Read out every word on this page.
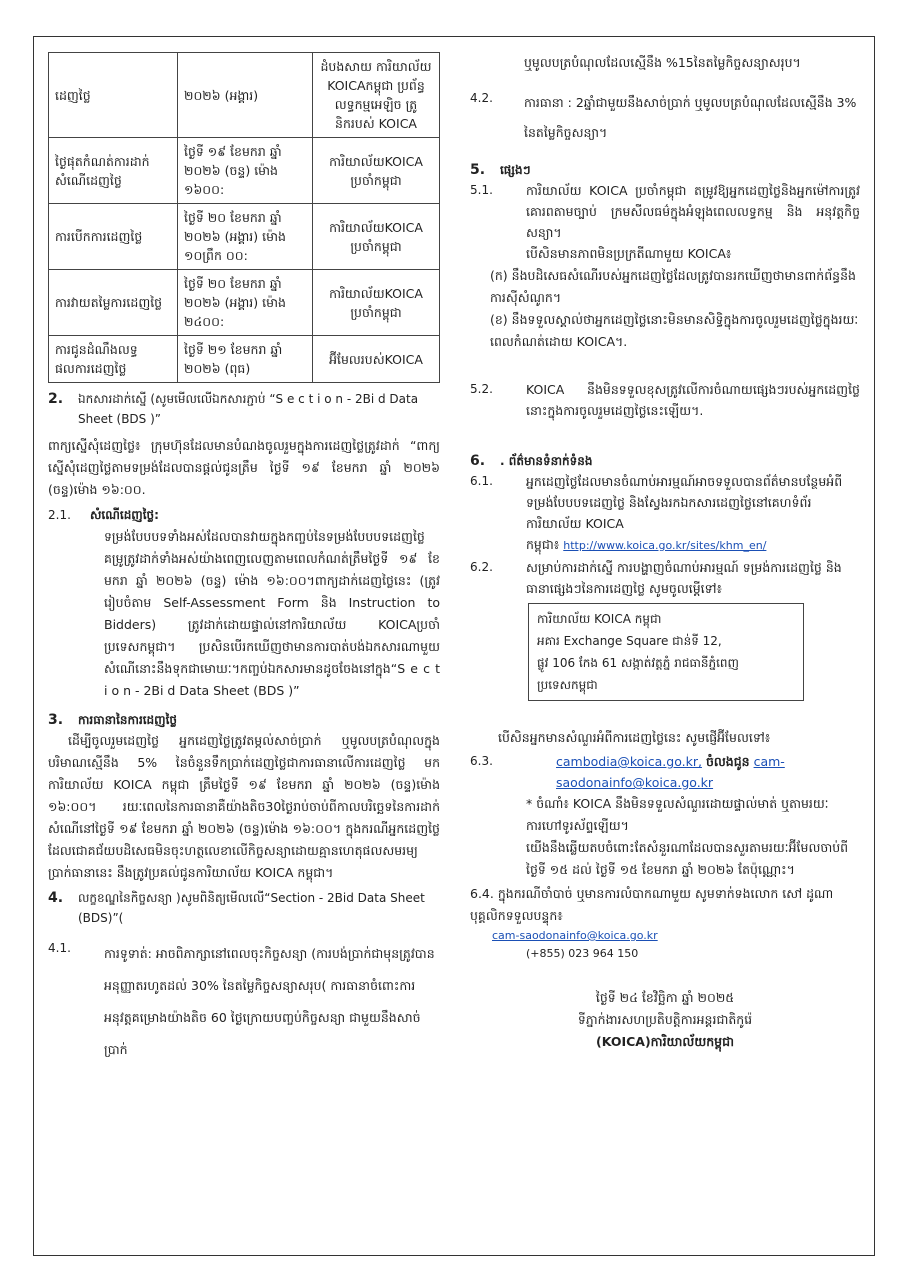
ដេញថ្លៃ	២០២៦ (អង្គារ)	ដំបងសាយ ការិយាល័យ KOICAកម្ពុជា ប្រព័ន្ធលទ្ធកម្មអេឡិច ត្រូនិករបស់ KOICA
ថ្ងៃផុតកំណត់ការដាក់សំណើដេញថ្លៃ	ថ្ងៃទី ១៩ ខែមករា ឆ្នាំ ២០២៦ (ចន្ទ) ម៉ោង ១៦០០:	ការិយាល័យKOICA ប្រចាំកម្ពុជា
ការបើកការដេញថ្លៃ	ថ្ងៃទី ២០ ខែមករា ឆ្នាំ ២០២៦ (អង្គារ) ម៉ោង ១០ព្រឹក ០០:	ការិយាល័យKOICA ប្រចាំកម្ពុជា
ការវាយតម្លៃការដេញថ្លៃ	ថ្ងៃទី ២០ ខែមករា ឆ្នាំ ២០២៦ (អង្គារ) ម៉ោង ២៤០០:	ការិយាល័យKOICA ប្រចាំកម្ពុជា
ការជូនដំណឹងលទ្ធផលការដេញថ្លៃ	ថ្ងៃទី ២១ ខែមករា ឆ្នាំ ២០២៦ (ពុធ)	អ៊ីមែលរបស់KOICA
2.	ឯកសារដាក់ស្នើ (សូមមើលលើឯកសារភ្ជាប់ “S e c t i o n - 2Bi d Data Sheet (BDS )”
ពាក្យស្នើសុំដេញថ្លៃ៖ ក្រុមហ៊ុនដែលមានបំណងចូលរួមក្នុងការដេញថ្លៃត្រូវដាក់ “ពាក្យស្នើសុំដេញថ្លៃតាមទម្រង់ដែលបានផ្តល់ជូនត្រឹម ថ្ងៃទី ១៩ ខែមករា ឆ្នាំ ២០២៦ (ចន្ទ)ម៉ោង ១៦:០០.
2.1.	សំណើដេញថ្លៃ:
ទម្រង់បែបបទទាំងអស់ដែលបានវាយក្នុងកញ្ចប់នៃទម្រង់បែបបទដេញថ្លៃគម្រូត្រូវដាក់ទាំងអស់យ៉ាងពេញលេញតាមពេលកំណត់ត្រឹមថ្ងៃទី ១៩ ខែមករា ឆ្នាំ ២០២៦ (ចន្ទ) ម៉ោង ១៦:០០។ពាក្យដាក់ដេញថ្លៃនេះ (ត្រូវរៀបចំតាម Self-Assessment Form និង Instruction to Bidders) ត្រូវដាក់ដោយផ្ទាល់នៅការិយាល័យ KOICAប្រចាំប្រទេសកម្ពុជា។ ប្រសិនបើរកឃើញថាមានការបាត់បង់ឯកសារណាមួយ សំណើនោះនឹងទុកជាមោឃៈ។កញ្ចប់ឯកសារមានដូចចែងនៅក្នុង“S e c t i o n - 2Bi d Data Sheet (BDS )”
3.	ការធានានៃការដេញថ្លៃ
ដើម្បីចូលរួមដេញថ្លៃ អ្នកដេញថ្លៃត្រូវតម្កល់សាច់ប្រាក់ ឬមូលបត្របំណុលក្នុងបរិមាណស្មើនឹង 5% នៃចំនួនទឹកប្រាក់ដេញថ្លៃជាការធានាលើការដេញថ្លៃ មកការិយាល័យ KOICA កម្ពុជា ត្រឹមថ្ងៃទី ១៩ ខែមករា ឆ្នាំ ២០២៦ (ចន្ទ)ម៉ោង ១៦:០០។ រយៈពេលនៃការធានាគឺយ៉ាងតិច30ថ្ងៃរាប់ចាប់ពីកាលបរិច្ឆេទនៃការដាក់សំណើនៅថ្ងៃទី ១៩ ខែមករា ឆ្នាំ ២០២៦ (ចន្ទ)ម៉ោង ១៦:០០។ ក្នុងករណីអ្នកដេញថ្លៃដែលជោគជ័យបដិសេធមិនចុះហត្ថលេខាលើកិច្ចសន្យាដោយគ្មានហេតុផលសមរម្យ ប្រាក់ធានានេះ នឹងត្រូវប្រគល់ជូនការិយាល័យ KOICA កម្ពុជា។
4.	លក្ខខណ្ឌនៃកិច្ចសន្យា )សូមពិនិត្យមើលលើ“Section - 2Bid Data Sheet (BDS)”(
4.1.	ការទូទាត់: អាចពិភាក្សានៅពេលចុះកិច្ចសន្យា (ការបង់ប្រាក់ជាមុនត្រូវបានអនុញ្ញាតរហូតដល់ 30% នៃតម្លៃកិច្ចសន្យាសរុប( ការធានាចំពោះការអនុវត្តគម្រោងយ៉ាងតិច 60 ថ្ងៃក្រោយបញ្ចប់កិច្ចសន្យា ជាមួយនឹងសាច់ប្រាក់
ឬមូលបត្របំណុលដែលស្មើនឹង %15នៃតម្លៃកិច្ចសន្យាសរុប។
4.2.	ការធានា : 2ឆ្នាំជាមួយនឹងសាច់ប្រាក់ ឬមូលបត្របំណុលដែលស្មើនឹង 3% នៃតម្លៃកិច្ចសន្យា។
5.	ផ្សេងៗ
5.1.	ការិយាល័យ KOICA ប្រចាំកម្ពុជា តម្រូវឱ្យអ្នកដេញថ្លៃនិងអ្នកម៉ៅការត្រូវគោរពតាមច្បាប់ ក្រមសីលធម៌ក្នុងអំឡុងពេលលទ្ធកម្ម និង អនុវត្តកិច្ចសន្យា។
បើសិនមានភាពមិនប្រក្រតីណាមួយ KOICA៖
(ក) នឹងបដិសេធសំណើរបស់អ្នកដេញថ្លៃដែលត្រូវបានរកឃើញថាមានពាក់ព័ន្ធនឹងការស៊ីសំណូក។
(ខ) នឹងទទួលស្គាល់ថាអ្នកដេញថ្លៃនោះមិនមានសិទ្ធិក្នុងការចូលរួមដេញថ្លៃក្នុងរយៈពេលកំណត់ដោយ KOICA។.
5.2.	KOICA នឹងមិនទទួលខុសត្រូវលើការចំណាយផ្សេងៗរបស់អ្នកដេញថ្លៃនោះក្នុងការចូលរួមដេញថ្លៃនេះឡើយ។.
6.	. ព័ត៌មានទំនាក់ទំនង
6.1.	អ្នកដេញថ្លៃដែលមានចំណាប់អារម្មណ៍អាចទទួលបានព័ត៌មានបន្ថែមអំពីទម្រង់បែបបទដេញថ្លៃ និងស្វែងរកឯកសារដេញថ្លៃនៅគេហទំព័រការិយាល័យ KOICA
កម្ពុជា៖ http://www.koica.go.kr/sites/khm_en/
6.2.	សម្រាប់ការដាក់ស្នើ ការបង្ហាញចំណាប់អារម្មណ៍ ទម្រង់ការដេញថ្លៃ និងធានាផ្សេងៗនៃការដេញថ្លៃ សូមចូលម្ដើទៅ៖
ការិយាល័យ KOICA កម្ពុជា
អគារ Exchange Square ជាន់ទី 12,
ផ្លូវ 106 កែង 61 សង្កាត់វត្តភ្នំ រាជធានីភ្នំពេញ
ប្រទេសកម្ពុជា
បើសិនអ្នកមានសំណួរអំពីការដេញថ្លៃនេះ សូមផ្ញើអ៊ីមែលទៅ៖
6.3.	cambodia@koica.go.kr, ចំលងជូន cam-saodonainfo@koica.go.kr
* ចំណាំ៖ KOICA នឹងមិនទទួលសំណួរដោយផ្ទាល់មាត់ ឬតាមរយៈការហៅទូរស័ព្ទឡើយ។
យើងនឹងឆ្លើយតបចំពោះតែសំនួរណាដែលបានសួរតាមរយៈអ៊ីមែលចាប់ពីថ្ងៃទី ១៥ ដល់ ថ្ងៃទី ១៥ ខែមករា ឆ្នាំ ២០២៦ តែប៉ុណ្ណោះ។
6.4. ក្នុងករណីចាំបាច់ ឬមានការលំបាកណាមួយ សូមទាក់ទងលោក សៅ ដូណា បុគ្គលិកទទួលបន្ទុក៖
cam-saodonainfo@koica.go.kr
(+855) 023 964 150
ថ្ងៃទី ២៤ ខែវិច្ឆិកា ឆ្នាំ ២០២៥
ទីភ្នាក់ងារសហប្រតិបត្តិការអន្តរជាតិកូរ៉េ
(KOICA)ការិយាល័យកម្ពុជា
